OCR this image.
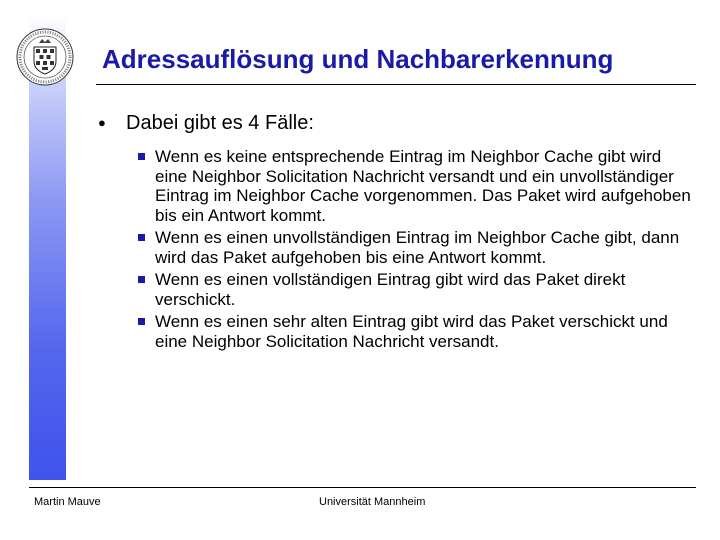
Adressauflösung und Nachbarerkennung
● Dabei gibt es 4 Fälle:
Wenn es keine entsprechende Eintrag im Neighbor Cache gibt wird eine Neighbor Solicitation Nachricht versandt und ein unvollständiger Eintrag im Neighbor Cache vorgenommen. Das Paket wird aufgehoben bis ein Antwort kommt.
Wenn es einen unvollständigen Eintrag im Neighbor Cache gibt, dann wird das Paket aufgehoben bis eine Antwort kommt.
Wenn es einen vollständigen Eintrag gibt wird das Paket direkt verschickt.
Wenn es einen sehr alten Eintrag gibt wird das Paket verschickt und eine Neighbor Solicitation Nachricht versandt.
Martin Mauve	Universität Mannheim
